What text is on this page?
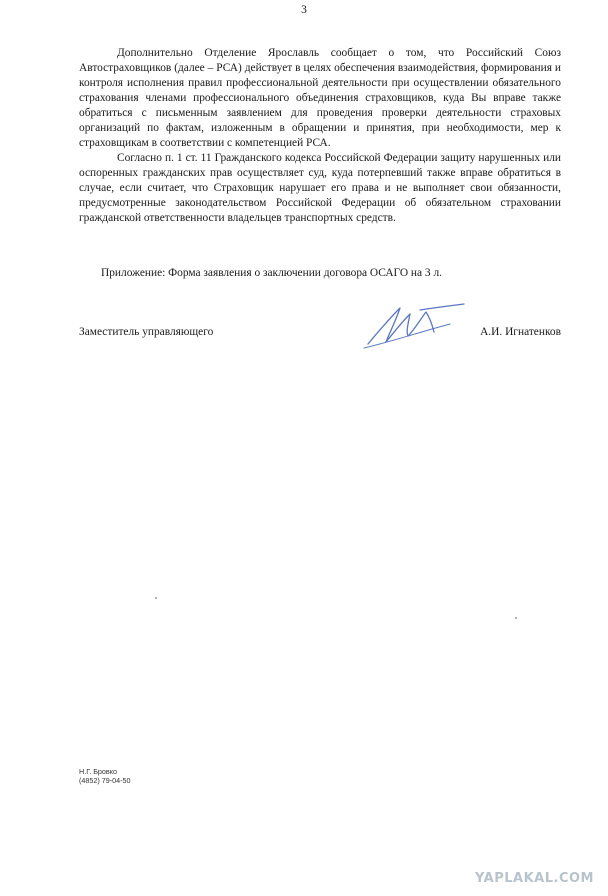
3

Дополнительно Отделение Ярославль сообщает о том, что Российский Союз Автостраховщиков (далее – РСА) действует в целях обеспечения взаимодействия, формирования и контроля исполнения правил профессиональной деятельности при осуществлении обязательного страхования членами профессионального объединения страховщиков, куда Вы вправе также обратиться с письменным заявлением для проведения проверки деятельности страховых организаций по фактам, изложенным в обращении и принятия, при необходимости, мер к страховщикам в соответствии с компетенцией РСА.

Согласно п. 1 ст. 11 Гражданского кодекса Российской Федерации защиту нарушенных или оспоренных гражданских прав осуществляет суд, куда потерпевший также вправе обратиться в случае, если считает, что Страховщик нарушает его права и не выполняет свои обязанности, предусмотренные законодательством Российской Федерации об обязательном страховании гражданской ответственности владельцев транспортных средств.

Приложение: Форма заявления о заключении договора ОСАГО на 3 л.
Заместитель управляющего	А.И. Игнатенков
Н.Г. Бровко
(4852) 79-04-50
YAPLAKAL.COM
